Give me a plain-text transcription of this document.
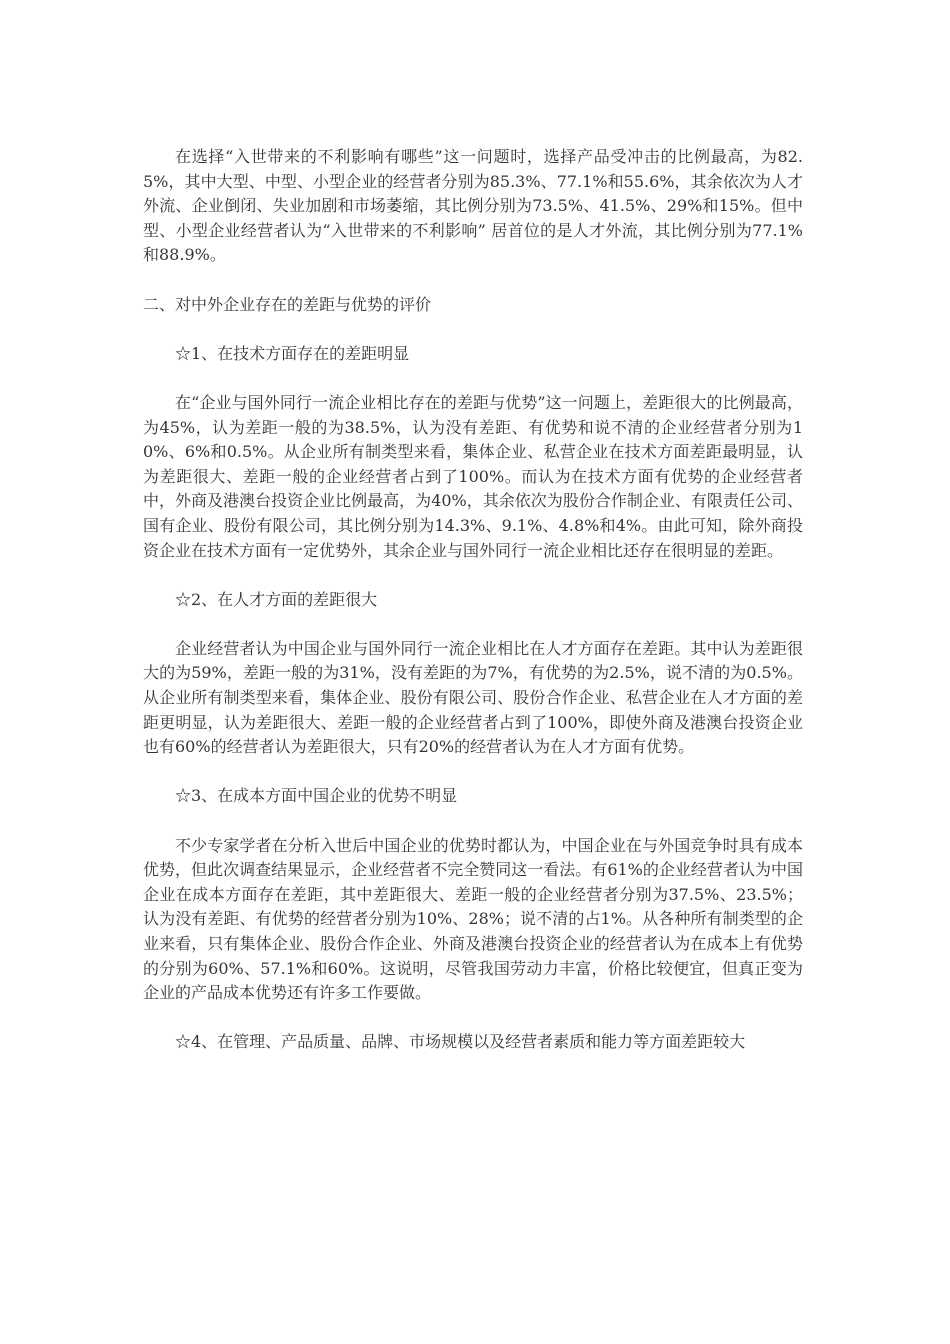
在选择“入世带来的不利影响有哪些”这一问题时，选择产品受冲击的比例最高，为82.5%，其中大型、中型、小型企业的经营者分别为85.3%、77.1%和55.6%，其余依次为人才外流、企业倒闭、失业加剧和市场萎缩，其比例分别为73.5%、41.5%、29%和15%。但中型、小型企业经营者认为“入世带来的不利影响” 居首位的是人才外流，其比例分别为77.1%和88.9%。

二、对中外企业存在的差距与优势的评价

☆1、在技术方面存在的差距明显

在“企业与国外同行一流企业相比存在的差距与优势”这一问题上，差距很大的比例最高，为45%，认为差距一般的为38.5%，认为没有差距、有优势和说不清的企业经营者分别为10%、6%和0.5%。从企业所有制类型来看，集体企业、私营企业在技术方面差距最明显，认为差距很大、差距一般的企业经营者占到了100%。而认为在技术方面有优势的企业经营者中，外商及港澳台投资企业比例最高，为40%，其余依次为股份合作制企业、有限责任公司、国有企业、股份有限公司，其比例分别为14.3%、9.1%、4.8%和4%。由此可知，除外商投资企业在技术方面有一定优势外，其余企业与国外同行一流企业相比还存在很明显的差距。

☆2、在人才方面的差距很大

企业经营者认为中国企业与国外同行一流企业相比在人才方面存在差距。其中认为差距很大的为59%，差距一般的为31%，没有差距的为7%，有优势的为2.5%，说不清的为0.5%。从企业所有制类型来看，集体企业、股份有限公司、股份合作企业、私营企业在人才方面的差距更明显，认为差距很大、差距一般的企业经营者占到了100%，即使外商及港澳台投资企业也有60%的经营者认为差距很大，只有20%的经营者认为在人才方面有优势。

☆3、在成本方面中国企业的优势不明显

不少专家学者在分析入世后中国企业的优势时都认为，中国企业在与外国竞争时具有成本优势，但此次调查结果显示，企业经营者不完全赞同这一看法。有61%的企业经营者认为中国企业在成本方面存在差距，其中差距很大、差距一般的企业经营者分别为37.5%、23.5%；认为没有差距、有优势的经营者分别为10%、28%；说不清的占1%。从各种所有制类型的企业来看，只有集体企业、股份合作企业、外商及港澳台投资企业的经营者认为在成本上有优势的分别为60%、57.1%和60%。这说明，尽管我国劳动力丰富，价格比较便宜，但真正变为企业的产品成本优势还有许多工作要做。

☆4、在管理、产品质量、品牌、市场规模以及经营者素质和能力等方面差距较大
